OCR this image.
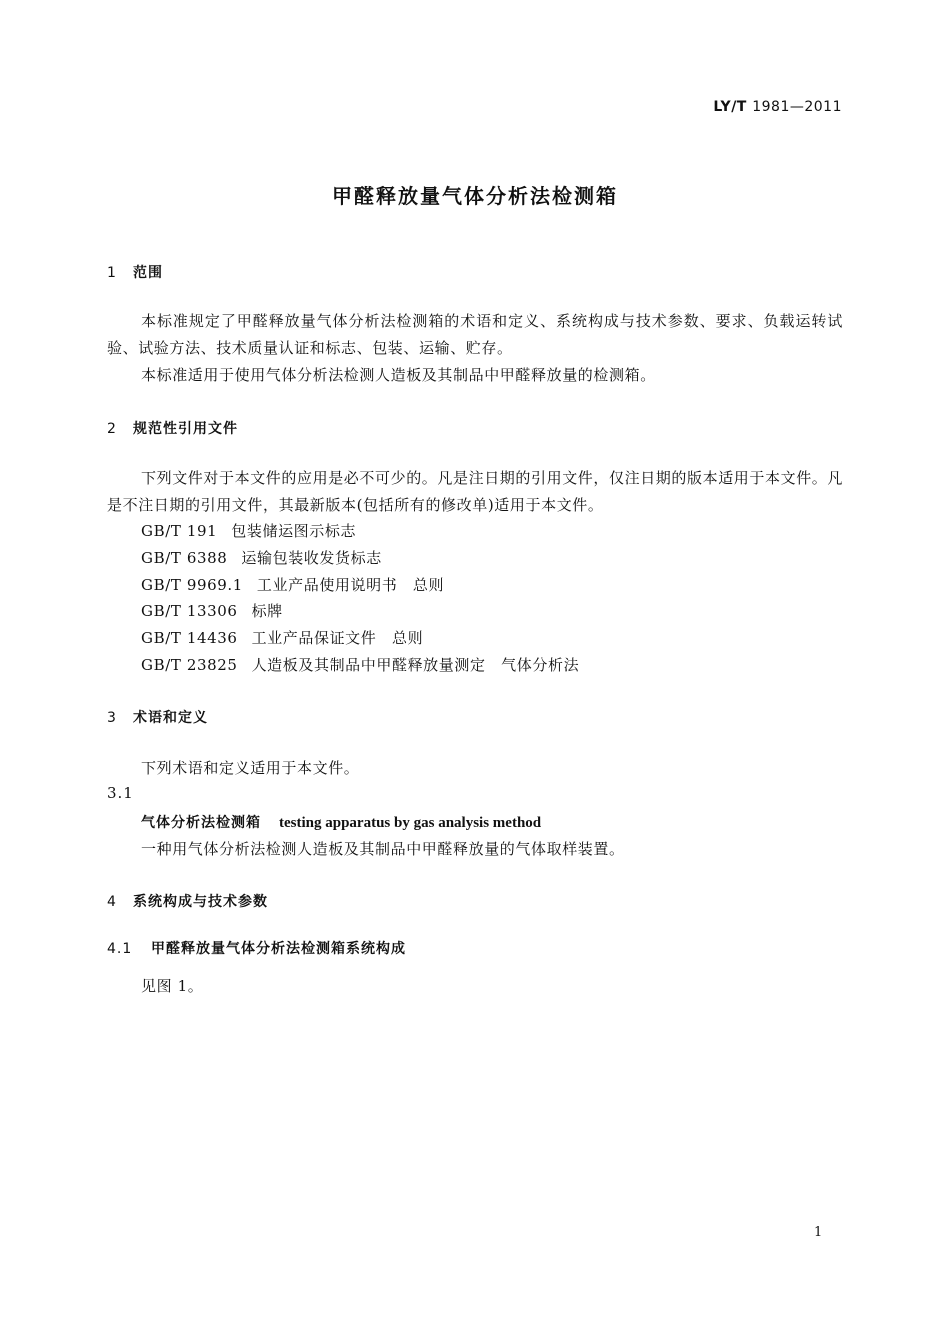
LY/T 1981—2011
甲醛释放量气体分析法检测箱
1 范围
本标准规定了甲醛释放量气体分析法检测箱的术语和定义、系统构成与技术参数、要求、负载运转试验、试验方法、技术质量认证和标志、包装、运输、贮存。
本标准适用于使用气体分析法检测人造板及其制品中甲醛释放量的检测箱。
2 规范性引用文件
下列文件对于本文件的应用是必不可少的。凡是注日期的引用文件，仅注日期的版本适用于本文件。凡是不注日期的引用文件，其最新版本(包括所有的修改单)适用于本文件。
GB/T 191 包装储运图示标志
GB/T 6388 运输包装收发货标志
GB/T 9969.1 工业产品使用说明书　总则
GB/T 13306 标牌
GB/T 14436 工业产品保证文件　总则
GB/T 23825 人造板及其制品中甲醛释放量测定　气体分析法
3 术语和定义
下列术语和定义适用于本文件。
3.1
气体分析法检测箱 testing apparatus by gas analysis method
一种用气体分析法检测人造板及其制品中甲醛释放量的气体取样装置。
4 系统构成与技术参数
4.1 甲醛释放量气体分析法检测箱系统构成
见图 1。
1
